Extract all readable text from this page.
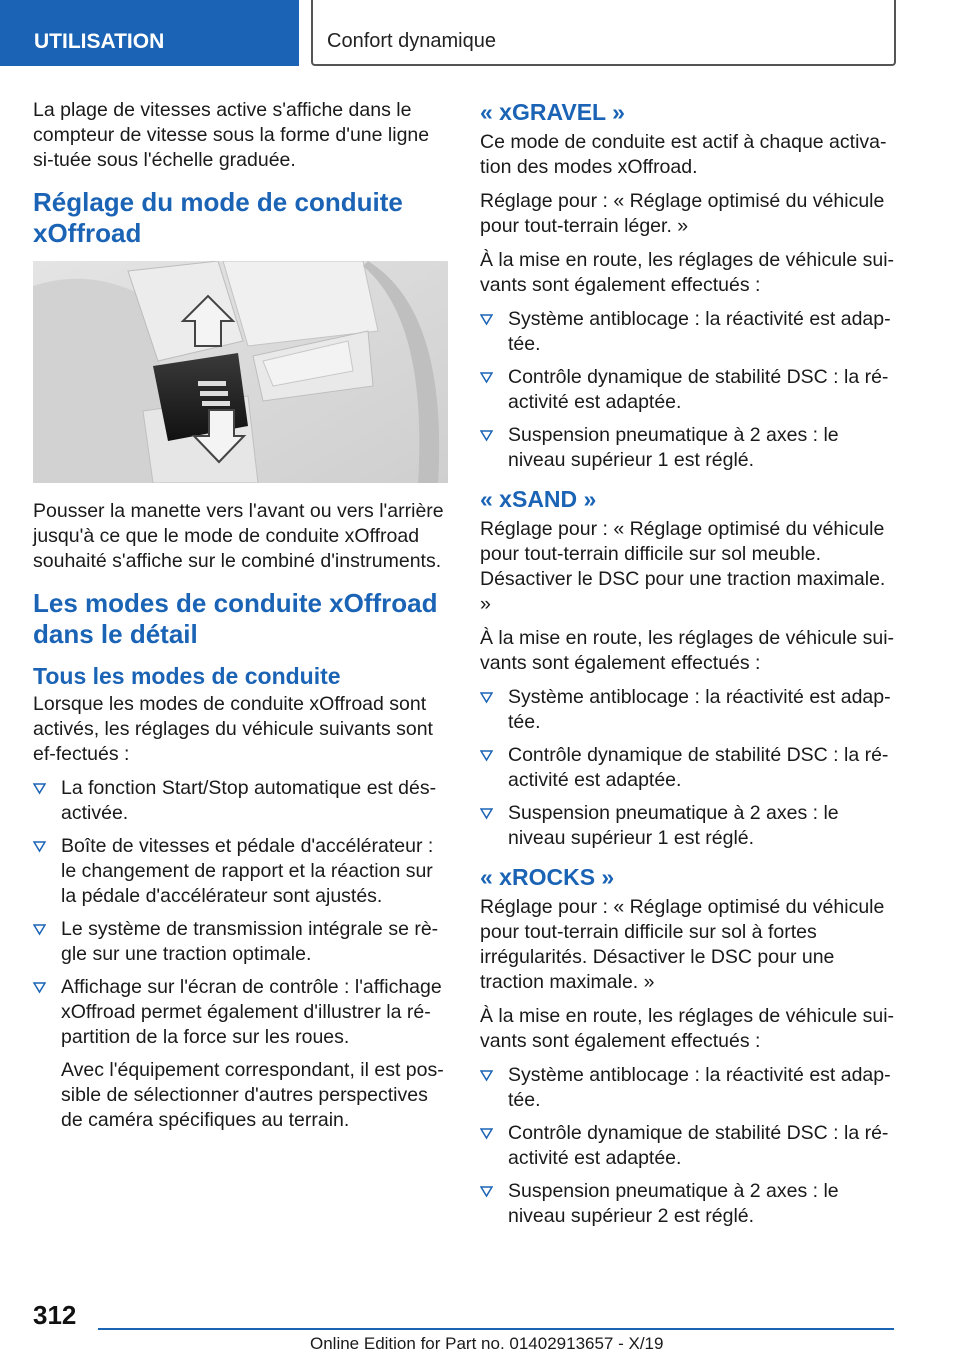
UTILISATION	Confort dynamique

La plage de vitesses active s'affiche dans le compteur de vitesse sous la forme d'une ligne si-tuée sous l'échelle graduée.

Réglage du mode de conduite xOffroad

Pousser la manette vers l'avant ou vers l'arrière jusqu'à ce que le mode de conduite xOffroad souhaité s'affiche sur le combiné d'instruments.

Les modes de conduite xOffroad dans le détail
Tous les modes de conduite

Lorsque les modes de conduite xOffroad sont activés, les réglages du véhicule suivants sont ef-fectués :

La fonction Start/Stop automatique est dés-activée.
Boîte de vitesses et pédale d'accélérateur : le changement de rapport et la réaction sur la pédale d'accélérateur sont ajustés.
Le système de transmission intégrale se rè-gle sur une traction optimale.
Affichage sur l'écran de contrôle : l'affichage xOffroad permet également d'illustrer la ré-partition de la force sur les roues.
Avec l'équipement correspondant, il est pos-sible de sélectionner d'autres perspectives de caméra spécifiques au terrain.
« xGRAVEL »

Ce mode de conduite est actif à chaque activa-tion des modes xOffroad.

Réglage pour : « Réglage optimisé du véhicule pour tout-terrain léger. »

À la mise en route, les réglages de véhicule sui-vants sont également effectués :

Système antiblocage : la réactivité est adap-tée.
Contrôle dynamique de stabilité DSC : la ré-activité est adaptée.
Suspension pneumatique à 2 axes : le niveau supérieur 1 est réglé.
« xSAND »

Réglage pour : « Réglage optimisé du véhicule pour tout-terrain difficile sur sol meuble. Désactiver le DSC pour une traction maximale. »

À la mise en route, les réglages de véhicule sui-vants sont également effectués :

Système antiblocage : la réactivité est adap-tée.
Contrôle dynamique de stabilité DSC : la ré-activité est adaptée.
Suspension pneumatique à 2 axes : le niveau supérieur 1 est réglé.
« xROCKS »

Réglage pour : « Réglage optimisé du véhicule pour tout-terrain difficile sur sol à fortes irrégularités. Désactiver le DSC pour une traction maximale. »

À la mise en route, les réglages de véhicule sui-vants sont également effectués :

Système antiblocage : la réactivité est adap-tée.
Contrôle dynamique de stabilité DSC : la ré-activité est adaptée.
Suspension pneumatique à 2 axes : le niveau supérieur 2 est réglé.
312
Online Edition for Part no. 01402913657 - X/19
